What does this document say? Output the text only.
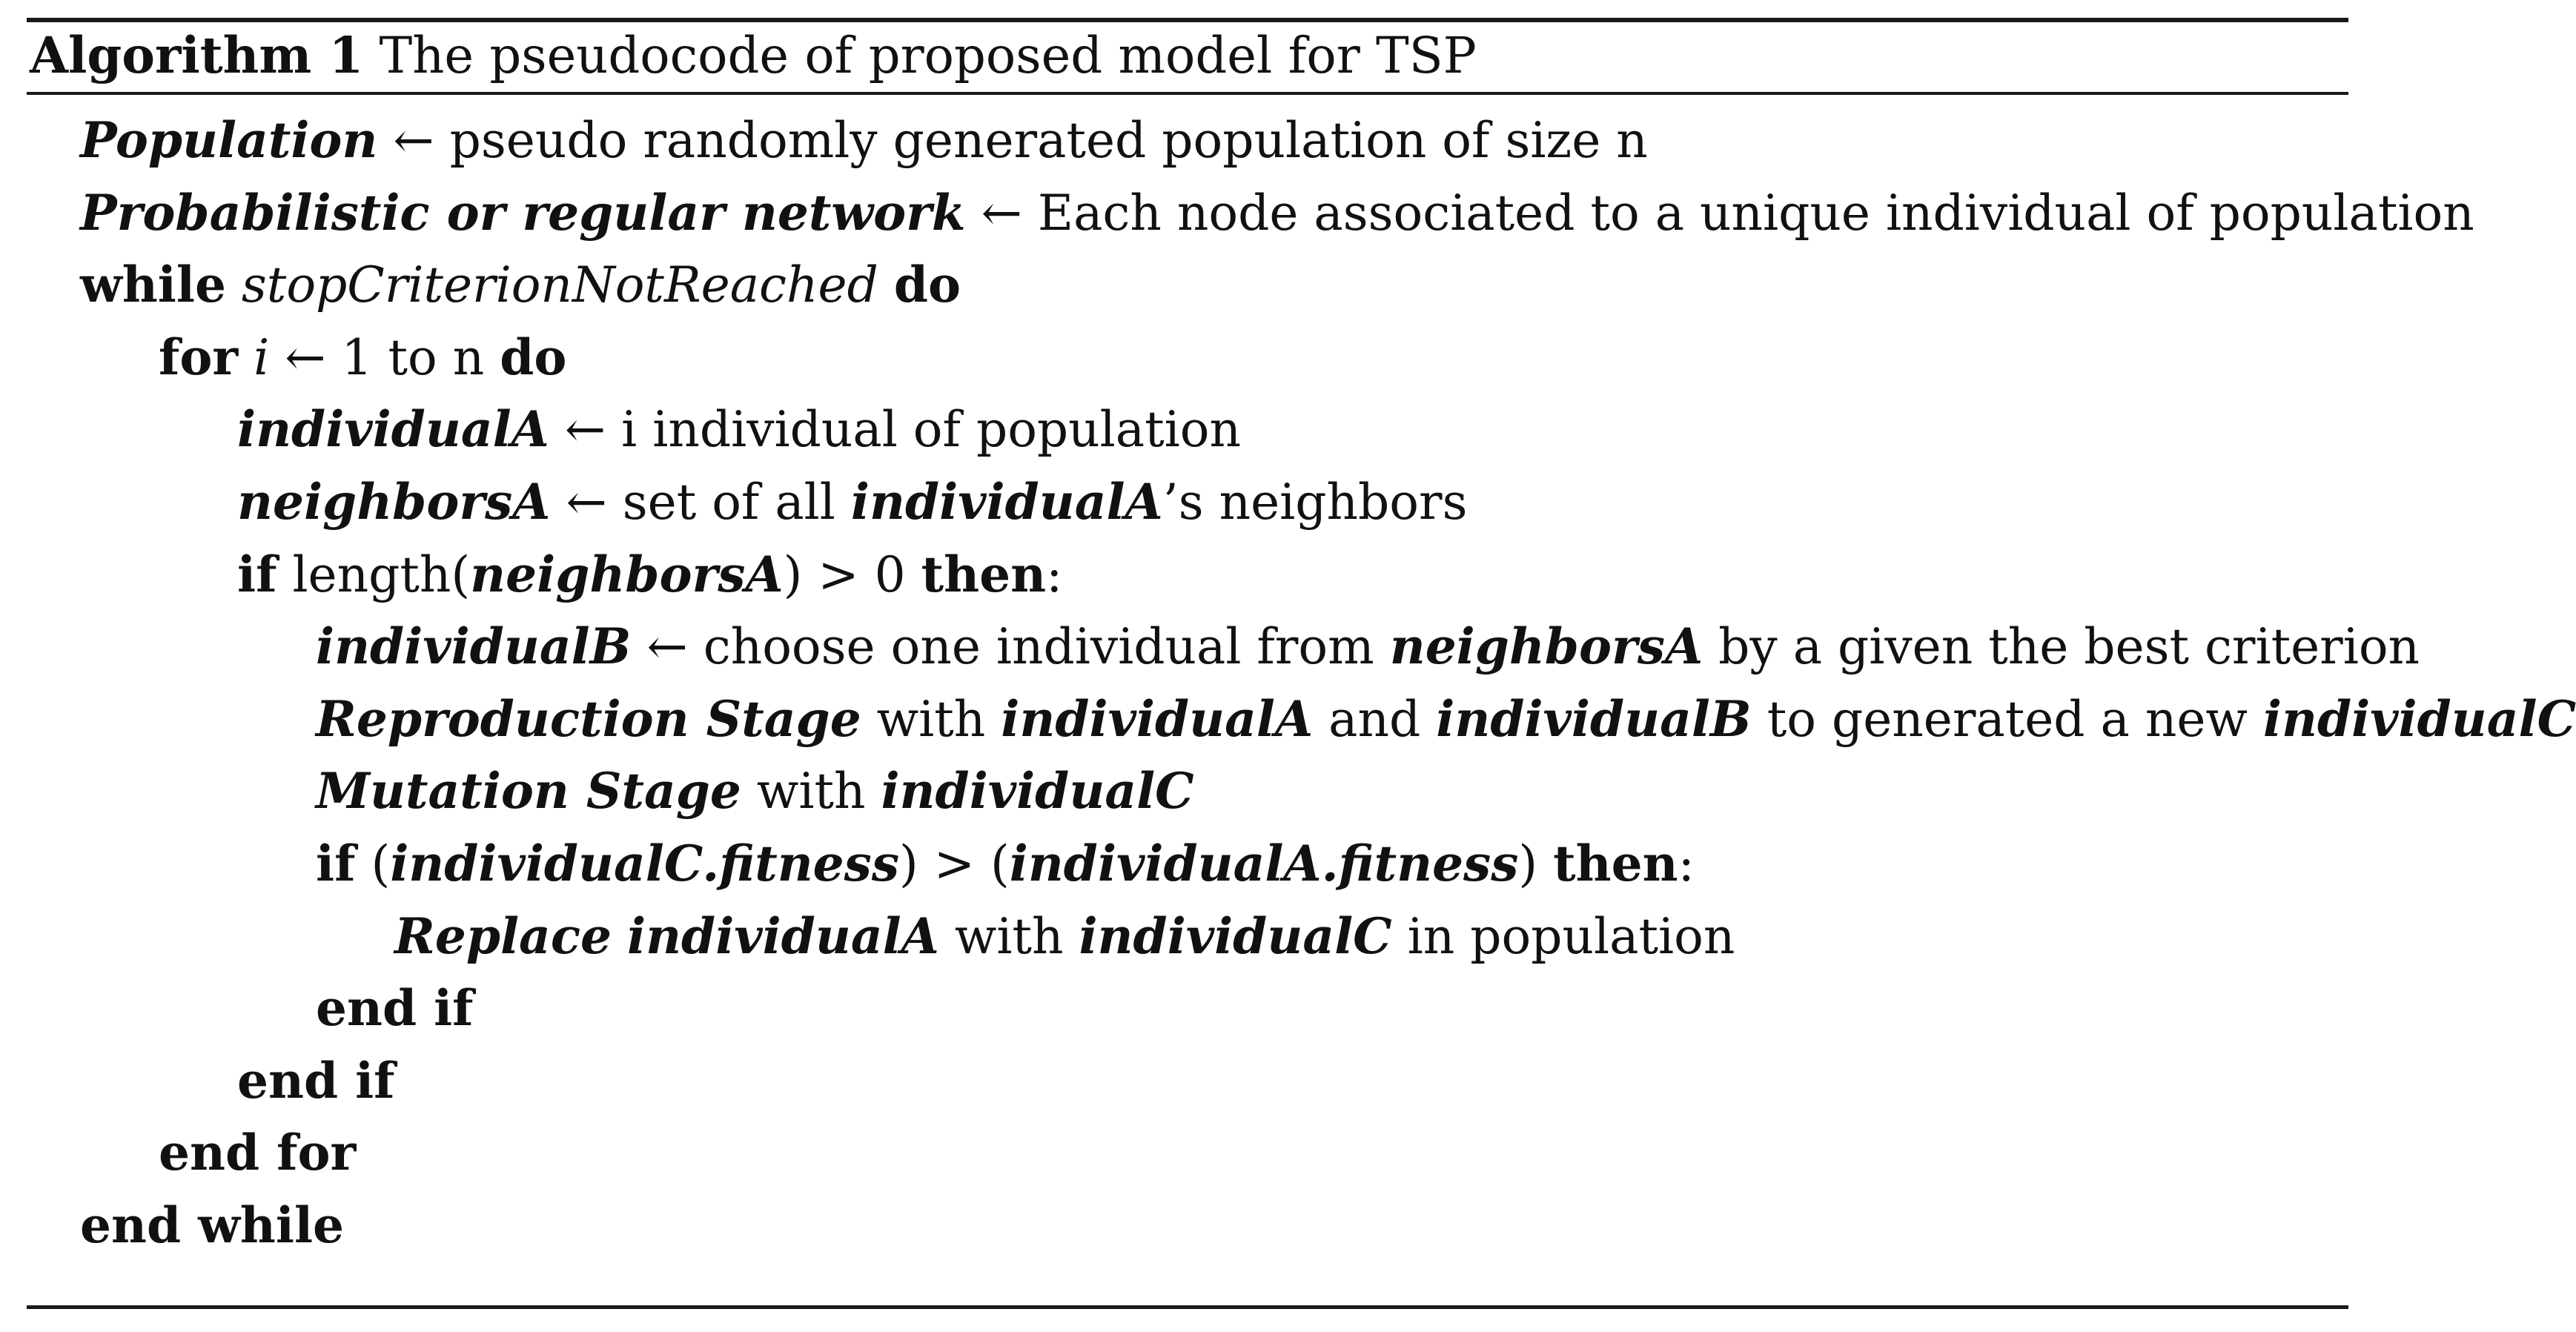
Algorithm 1 The pseudocode of proposed model for TSP
Population ← pseudo randomly generated population of size n
Probabilistic or regular network ← Each node associated to a unique individual of population
while stopCriterionNotReached do
for i ← 1 to n do
individualA ← i individual of population
neighborsA ← set of all individualA’s neighbors
if length(neighborsA) > 0 then:
individualB ← choose one individual from neighborsA by a given the best criterion
Reproduction Stage with individualA and individualB to generated a new individualC
Mutation Stage with individualC
if (individualC.fitness) > (individualA.fitness) then:
Replace individualA with individualC in population
end if
end if
end for
end while
